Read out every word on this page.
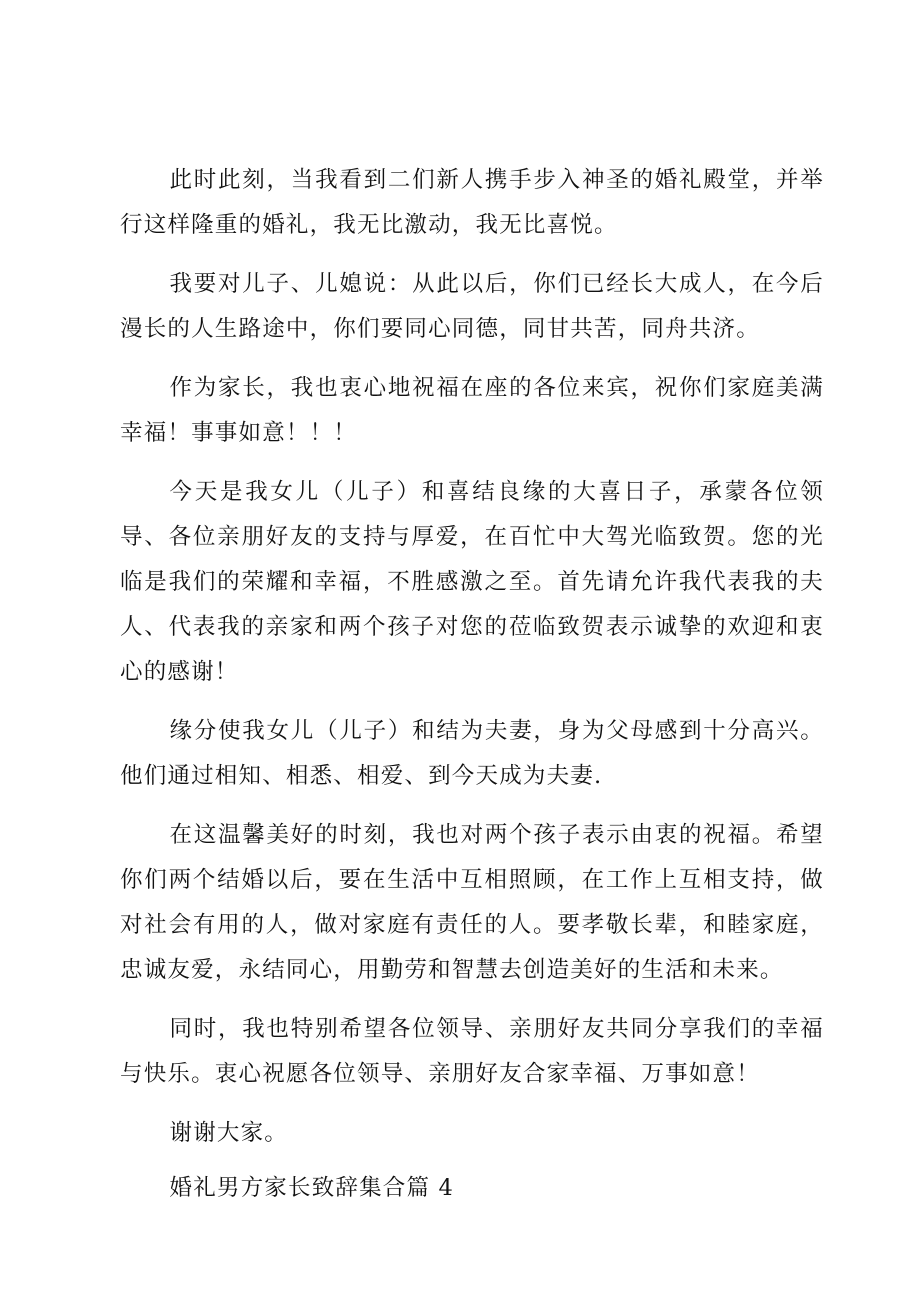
此时此刻，当我看到二们新人携手步入神圣的婚礼殿堂，并举行这样隆重的婚礼，我无比激动，我无比喜悦。

我要对儿子、儿媳说：从此以后，你们已经长大成人，在今后漫长的人生路途中，你们要同心同德，同甘共苦，同舟共济。

作为家长，我也衷心地祝福在座的各位来宾，祝你们家庭美满幸福！事事如意！！！

今天是我女儿（儿子）和喜结良缘的大喜日子，承蒙各位领导、各位亲朋好友的支持与厚爱，在百忙中大驾光临致贺。您的光临是我们的荣耀和幸福，不胜感激之至。首先请允许我代表我的夫人、代表我的亲家和两个孩子对您的莅临致贺表示诚挚的欢迎和衷心的感谢！

缘分使我女儿（儿子）和结为夫妻，身为父母感到十分高兴。他们通过相知、相悉、相爱、到今天成为夫妻.

在这温馨美好的时刻，我也对两个孩子表示由衷的祝福。希望你们两个结婚以后，要在生活中互相照顾，在工作上互相支持，做对社会有用的人，做对家庭有责任的人。要孝敬长辈，和睦家庭，忠诚友爱，永结同心，用勤劳和智慧去创造美好的生活和未来。

同时，我也特别希望各位领导、亲朋好友共同分享我们的幸福与快乐。衷心祝愿各位领导、亲朋好友合家幸福、万事如意！

谢谢大家。

婚礼男方家长致辞集合篇 4
